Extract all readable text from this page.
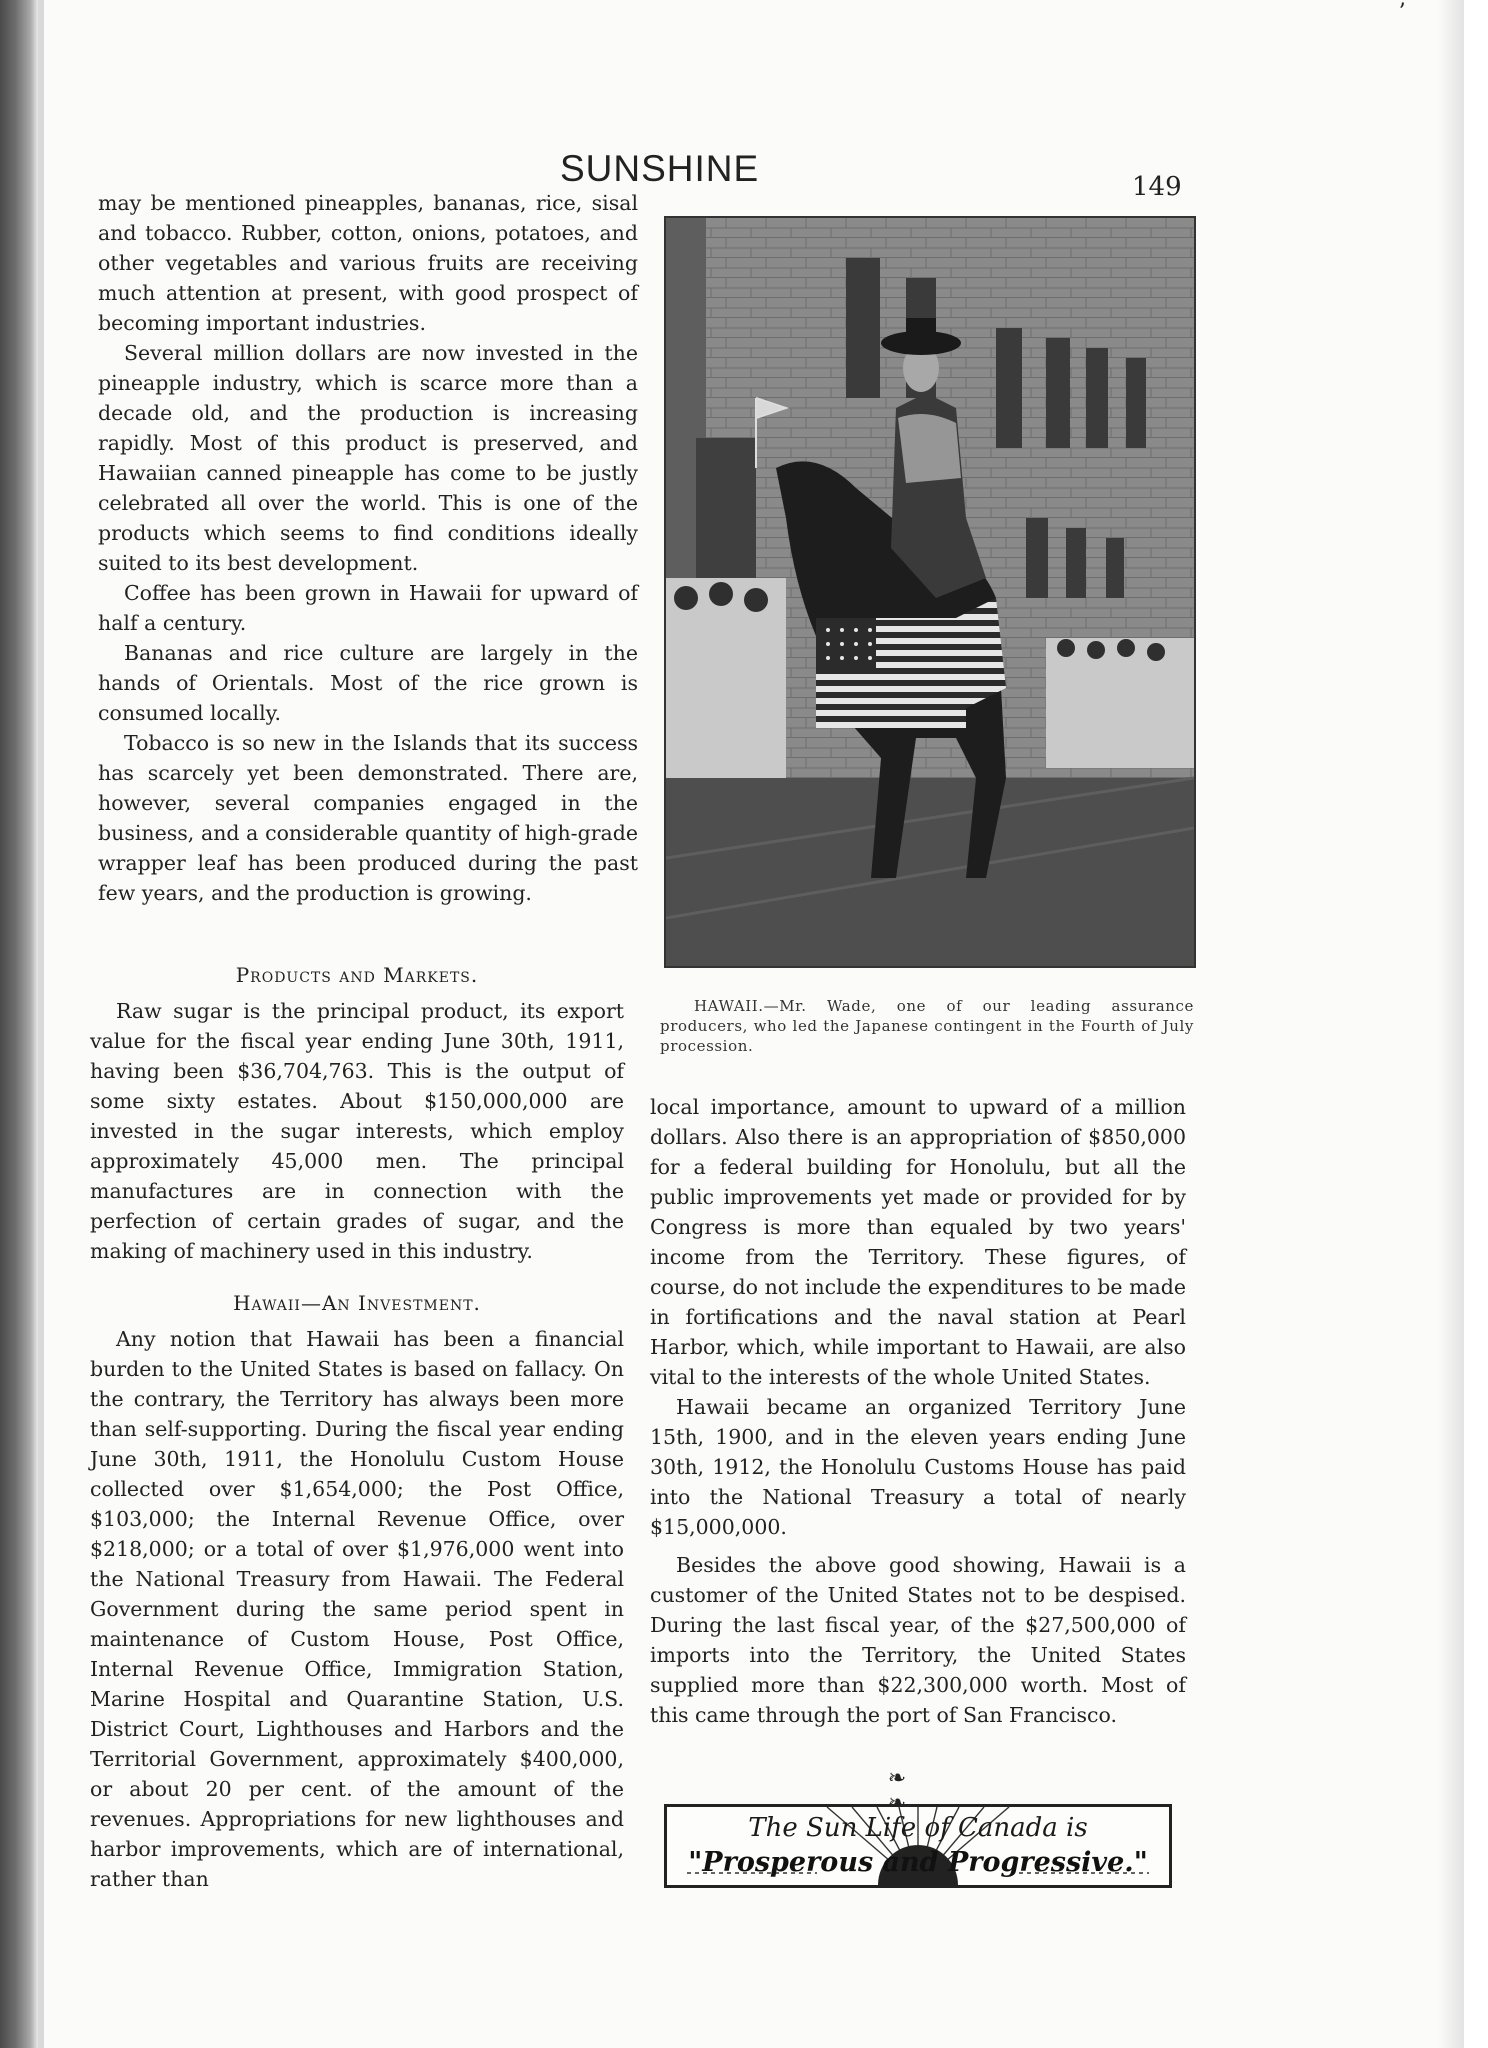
ʼ
SUNSHINE	149

may be mentioned pineapples, bananas, rice, sisal and tobacco. Rubber, cotton, onions, potatoes, and other vegetables and various fruits are receiving much attention at present, with good prospect of becoming important industries.

Several million dollars are now invested in the pineapple industry, which is scarce more than a decade old, and the production is increasing rapidly. Most of this product is preserved, and Hawaiian canned pineapple has come to be justly celebrated all over the world. This is one of the products which seems to find conditions ideally suited to its best development.

Coffee has been grown in Hawaii for upward of half a century.

Bananas and rice culture are largely in the hands of Orientals. Most of the rice grown is consumed locally.

Tobacco is so new in the Islands that its success has scarcely yet been demonstrated. There are, however, several companies engaged in the business, and a considerable quantity of high-grade wrapper leaf has been produced during the past few years, and the production is growing.

Products and Markets.

Raw sugar is the principal product, its export value for the fiscal year ending June 30th, 1911, having been $36,704,763. This is the output of some sixty estates. About $150,000,000 are invested in the sugar interests, which employ approximately 45,000 men. The principal manufactures are in connection with the perfection of certain grades of sugar, and the making of machinery used in this industry.

Hawaii—An Investment.

Any notion that Hawaii has been a financial burden to the United States is based on fallacy. On the contrary, the Territory has always been more than self-supporting. During the fiscal year ending June 30th, 1911, the Honolulu Custom House collected over $1,654,000; the Post Office, $103,000; the Internal Revenue Office, over $218,000; or a total of over $1,976,000 went into the National Treasury from Hawaii. The Federal Government during the same period spent in maintenance of Custom House, Post Office, Internal Revenue Office, Immigration Station, Marine Hospital and Quarantine Station, U.S. District Court, Lighthouses and Harbors and the Territorial Government, approximately $400,000, or about 20 per cent. of the amount of the revenues. Appropriations for new lighthouses and harbor improvements, which are of international, rather than

HAWAII.—Mr. Wade, one of our leading assurance producers, who led the Japanese contingent in the Fourth of July procession.

local importance, amount to upward of a million dollars. Also there is an appropriation of $850,000 for a federal building for Honolulu, but all the public improvements yet made or provided for by Congress is more than equaled by two years' income from the Territory. These figures, of course, do not include the expenditures to be made in fortifications and the naval station at Pearl Harbor, which, while important to Hawaii, are also vital to the interests of the whole United States.

Hawaii became an organized Territory June 15th, 1900, and in the eleven years ending June 30th, 1912, the Honolulu Customs House has paid into the National Treasury a total of nearly $15,000,000.

Besides the above good showing, Hawaii is a customer of the United States not to be despised. During the last fiscal year, of the $27,500,000 of imports into the Territory, the United States supplied more than $22,300,000 worth. Most of this came through the port of San Francisco.

❧
The Sun Life of Canada is
"Prosperous and Progressive."
